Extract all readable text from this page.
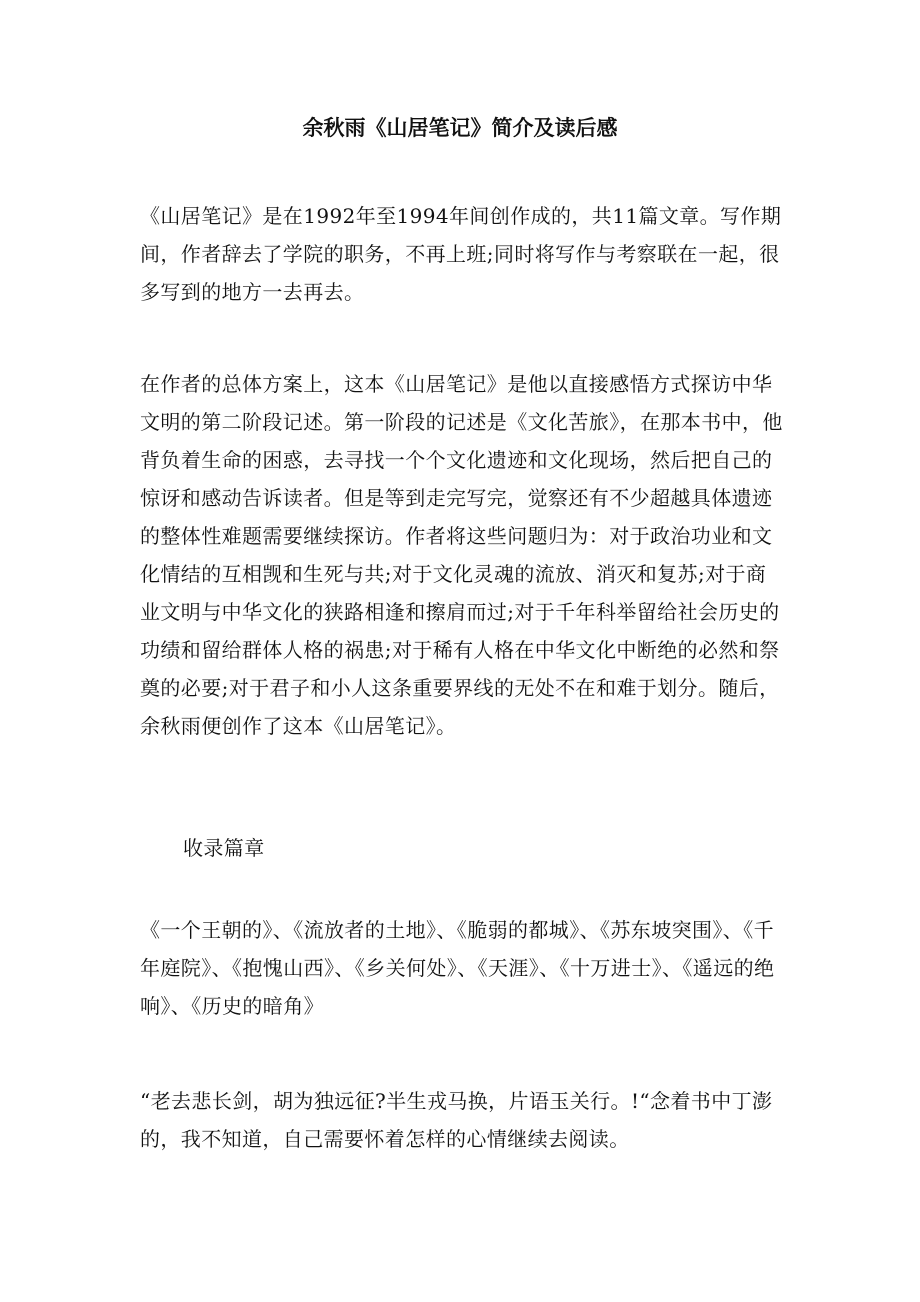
余秋雨《山居笔记》简介及读后感

《山居笔记》是在1992年至1994年间创作成的，共11篇文章。写作期间，作者辞去了学院的职务，不再上班;同时将写作与考察联在一起，很多写到的地方一去再去。

在作者的总体方案上，这本《山居笔记》是他以直接感悟方式探访中华文明的第二阶段记述。第一阶段的记述是《文化苦旅》，在那本书中，他背负着生命的困惑，去寻找一个个文化遗迹和文化现场，然后把自己的惊讶和感动告诉读者。但是等到走完写完，觉察还有不少超越具体遗迹的整体性难题需要继续探访。作者将这些问题归为：对于政治功业和文化情结的互相觊和生死与共;对于文化灵魂的流放、消灭和复苏;对于商业文明与中华文化的狭路相逢和擦肩而过;对于千年科举留给社会历史的功绩和留给群体人格的祸患;对于稀有人格在中华文化中断绝的必然和祭奠的必要;对于君子和小人这条重要界线的无处不在和难于划分。随后，余秋雨便创作了这本《山居笔记》。

收录篇章

《一个王朝的》、《流放者的土地》、《脆弱的都城》、《苏东坡突围》、《千年庭院》、《抱愧山西》、《乡关何处》、《天涯》、《十万进士》、《遥远的绝响》、《历史的暗角》

“老去悲长剑，胡为独远征?半生戎马换，片语玉关行。!“念着书中丁澎的，我不知道，自己需要怀着怎样的心情继续去阅读。
